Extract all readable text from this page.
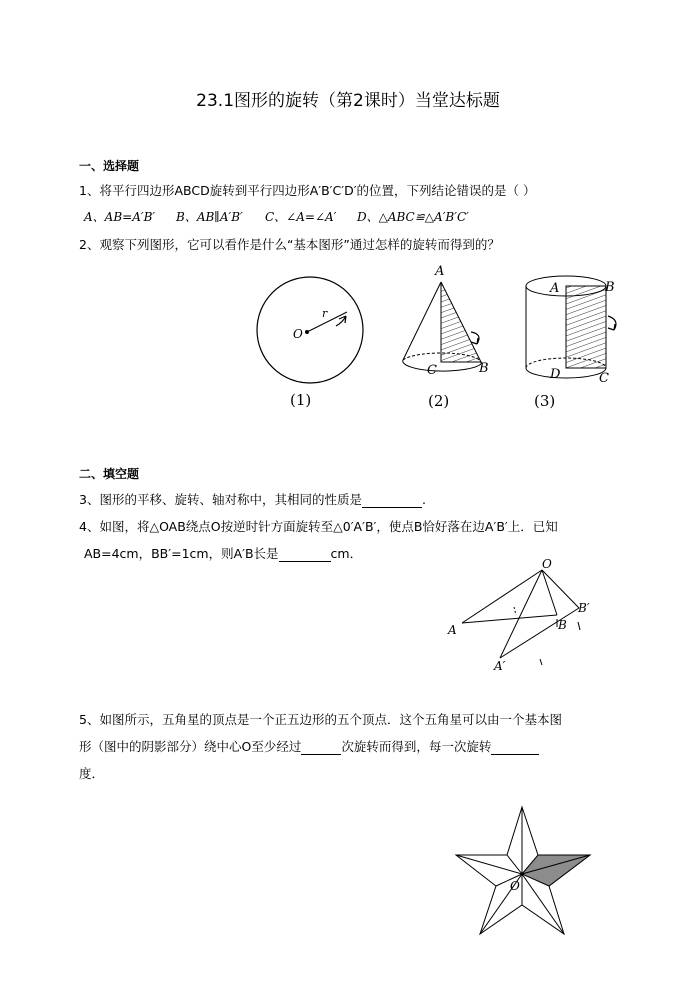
23.1图形的旋转（第2课时）当堂达标题
一、选择题
1、将平行四边形ABCD旋转到平行四边形A′B′C′D′的位置，下列结论错误的是（ ）
A、AB=A′B′ B、AB∥A′B′ C、∠A=∠A′ D、△ABC≌△A′B′C′
2、观察下列图形，它可以看作是什么“基本图形”通过怎样的旋转而得到的？
O
r
(1)
A
C	B
(2)
A	B
D	C
(3)
二、填空题
3、图形的平移、旋转、轴对称中，其相同的性质是	.
4、如图，将△OAB绕点O按逆时针方面旋转至△0′A′B′，使点B恰好落在边A′B′上．已知
AB=4cm，BB′=1cm，则A′B长是	cm．
O
A	B
B′
A′
5、如图所示，五角星的顶点是一个正五边形的五个顶点．这个五角星可以由一个基本图
形（图中的阴影部分）绕中心O至少经过	次旋转而得到，每一次旋转
度．
O
